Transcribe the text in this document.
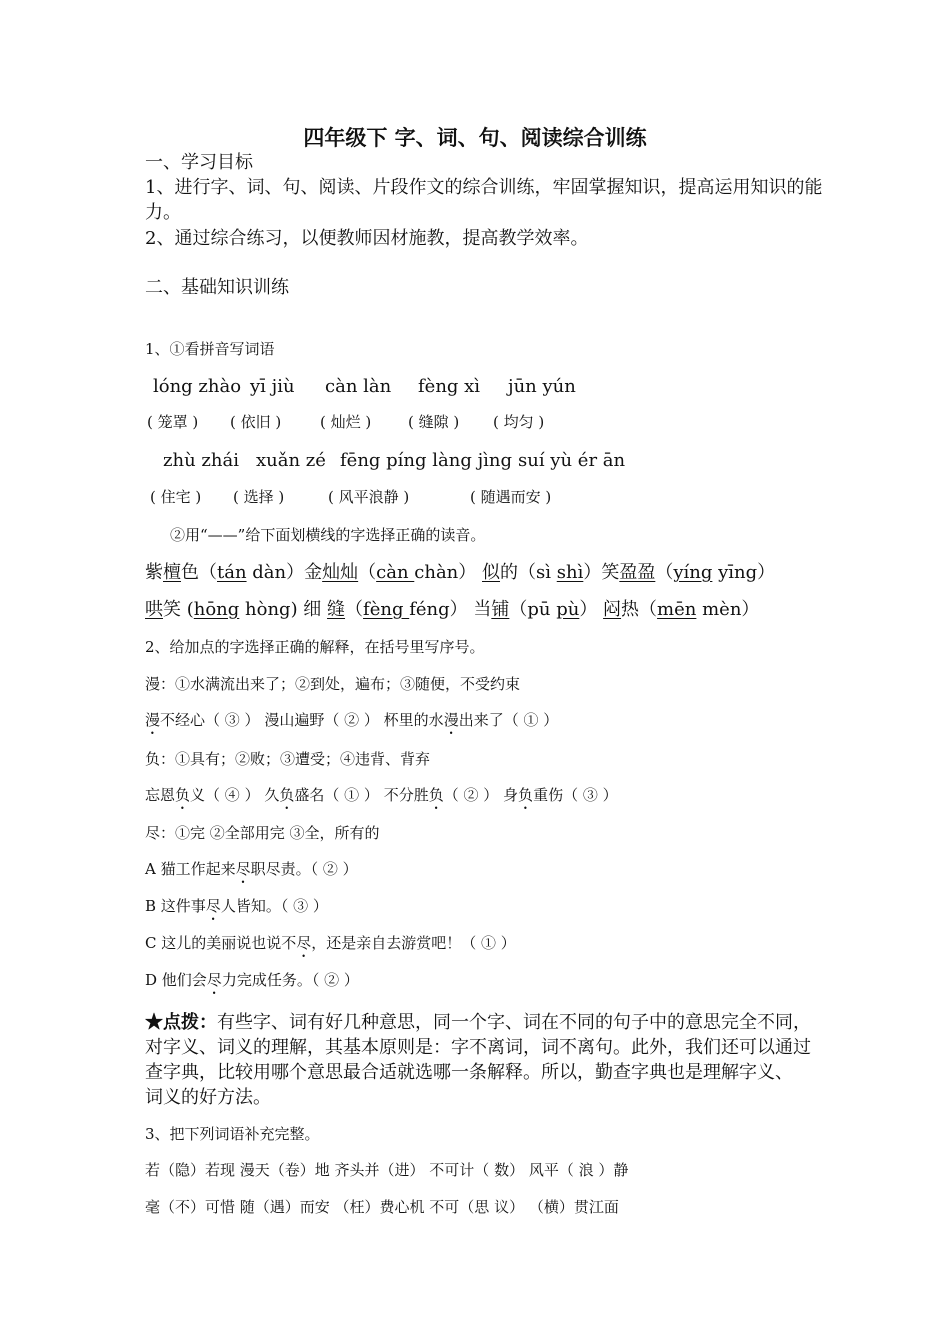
四年级下 字、词、句、阅读综合训练
一、学习目标
1、进行字、词、句、阅读、片段作文的综合训练，牢固掌握知识，提高运用知识的能
力。
2、通过综合练习，以便教师因材施教，提高教学效率。
二、基础知识训练
1、①看拼音写词语
lóng zhào yī jiù càn làn fèng xì jūn yún
( 笼罩 ) ( 依旧 )	( 灿烂 ) ( 缝隙 ) ( 均匀 )
zhù zhái xuǎn zé fēng píng làng jìng suí yù ér ān
( 住宅 ) ( 选择 )	( 风平浪静 )	( 随遇而安 )
②用“——”给下面划横线的字选择正确的读音。
紫檀色（tán dàn）金灿灿（càn chàn） 似的（sì shì）笑盈盈（yíng yīng）
哄笑 (hōng hòng) 细 缝（fèng féng） 当铺（pū pù） 闷热（mēn mèn）
2、给加点的字选择正确的解释，在括号里写序号。
漫：①水满流出来了；②到处，遍布；③随便，不受约束
漫不经心（ ③ ） 漫山遍野（ ② ） 杯里的水漫出来了（ ① ）
负：①具有；②败；③遭受；④违背、背弃
忘恩负义（ ④ ） 久负盛名（ ① ） 不分胜负（ ② ） 身负重伤（ ③ ）
尽：①完 ②全部用完 ③全，所有的
A 猫工作起来尽职尽责。（ ② ）
B 这件事尽人皆知。（ ③ ）
C 这儿的美丽说也说不尽，还是亲自去游赏吧！（ ① ）
D 他们会尽力完成任务。（ ② ）
★点拨：有些字、词有好几种意思，同一个字、词在不同的句子中的意思完全不同，
对字义、词义的理解，其基本原则是：字不离词，词不离句。此外，我们还可以通过
查字典，比较用哪个意思最合适就选哪一条解释。所以，勤查字典也是理解字义、
词义的好方法。
3、把下列词语补充完整。
若（隐）若现 漫天（卷）地 齐头并（进） 不可计（ 数） 风平（ 浪 ）静
毫（不）可惜 随（遇）而安 （枉）费心机 不可（思 议） （横）贯江面
